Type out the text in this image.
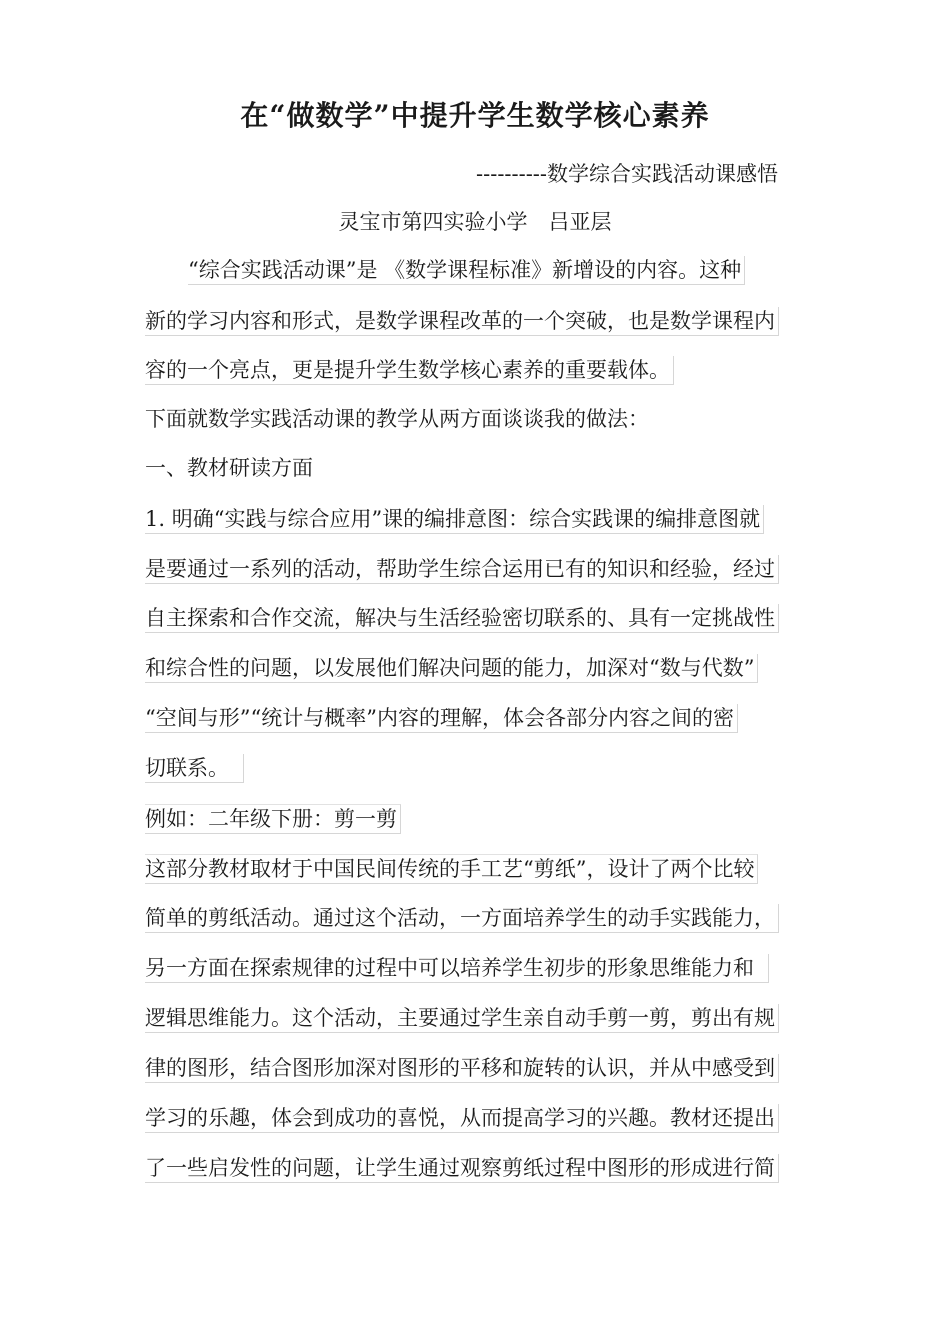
在“做数学”中提升学生数学核心素养
----------数学综合实践活动课感悟
灵宝市第四实验小学　吕亚层
“综合实践活动课”是 《数学课程标准》新增设的内容。这种
新的学习内容和形式，是数学课程改革的一个突破，也是数学课程内
容的一个亮点，更是提升学生数学核心素养的重要载体。
下面就数学实践活动课的教学从两方面谈谈我的做法：
一、教材研读方面
1. 明确“实践与综合应用”课的编排意图：综合实践课的编排意图就
是要通过一系列的活动，帮助学生综合运用已有的知识和经验，经过
自主探索和合作交流，解决与生活经验密切联系的、具有一定挑战性
和综合性的问题，以发展他们解决问题的能力，加深对“数与代数”
“空间与形”“统计与概率”内容的理解，体会各部分内容之间的密
切联系。
例如：二年级下册：剪一剪
这部分教材取材于中国民间传统的手工艺“剪纸”，设计了两个比较
简单的剪纸活动。通过这个活动，一方面培养学生的动手实践能力，
另一方面在探索规律的过程中可以培养学生初步的形象思维能力和
逻辑思维能力。这个活动，主要通过学生亲自动手剪一剪，剪出有规
律的图形，结合图形加深对图形的平移和旋转的认识，并从中感受到
学习的乐趣，体会到成功的喜悦，从而提高学习的兴趣。教材还提出
了一些启发性的问题，让学生通过观察剪纸过程中图形的形成进行简
